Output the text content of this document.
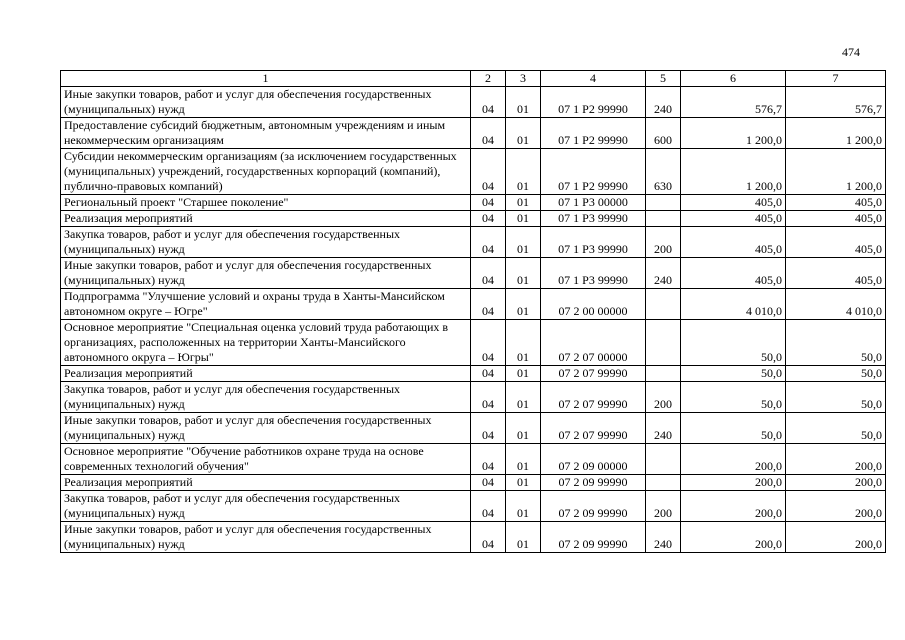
474
1	2	3	4	5	6	7
Иные закупки товаров, работ и услуг для обеспечения государственных (муниципальных) нужд	04	01	07 1 P2 99990	240	576,7	576,7
Предоставление субсидий бюджетным, автономным учреждениям и иным некоммерческим организациям	04	01	07 1 P2 99990	600	1 200,0	1 200,0
Субсидии некоммерческим организациям (за исключением государственных (муниципальных) учреждений, государственных корпораций (компаний), публично-правовых компаний)	04	01	07 1 P2 99990	630	1 200,0	1 200,0
Региональный проект "Старшее поколение"	04	01	07 1 P3 00000		405,0	405,0
Реализация мероприятий	04	01	07 1 P3 99990		405,0	405,0
Закупка товаров, работ и услуг для обеспечения государственных (муниципальных) нужд	04	01	07 1 P3 99990	200	405,0	405,0
Иные закупки товаров, работ и услуг для обеспечения государственных (муниципальных) нужд	04	01	07 1 P3 99990	240	405,0	405,0
Подпрограмма "Улучшение условий и охраны труда в Ханты-Мансийском автономном округе – Югре"	04	01	07 2 00 00000		4 010,0	4 010,0
Основное мероприятие "Специальная оценка условий труда работающих в организациях, расположенных на территории Ханты-Мансийского автономного округа – Югры"	04	01	07 2 07 00000		50,0	50,0
Реализация мероприятий	04	01	07 2 07 99990		50,0	50,0
Закупка товаров, работ и услуг для обеспечения государственных (муниципальных) нужд	04	01	07 2 07 99990	200	50,0	50,0
Иные закупки товаров, работ и услуг для обеспечения государственных (муниципальных) нужд	04	01	07 2 07 99990	240	50,0	50,0
Основное мероприятие "Обучение работников охране труда на основе современных технологий обучения"	04	01	07 2 09 00000		200,0	200,0
Реализация мероприятий	04	01	07 2 09 99990		200,0	200,0
Закупка товаров, работ и услуг для обеспечения государственных (муниципальных) нужд	04	01	07 2 09 99990	200	200,0	200,0
Иные закупки товаров, работ и услуг для обеспечения государственных (муниципальных) нужд	04	01	07 2 09 99990	240	200,0	200,0
